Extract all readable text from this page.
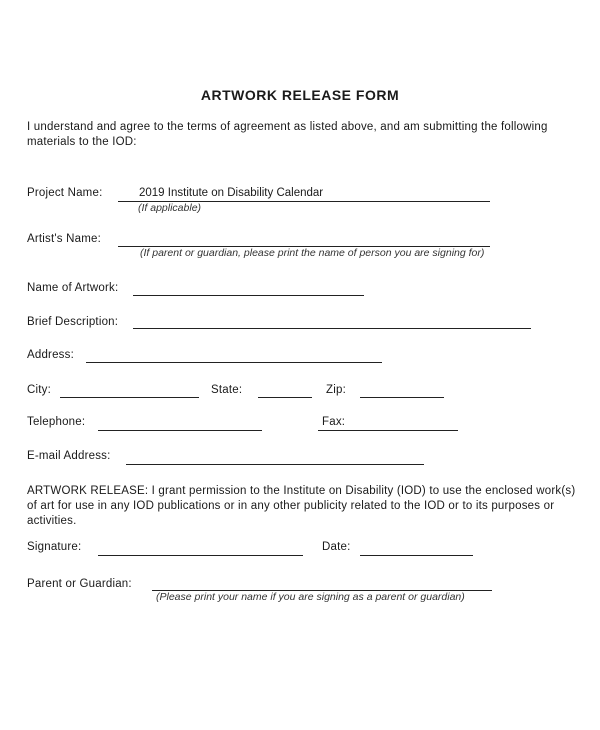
ARTWORK RELEASE FORM

I understand and agree to the terms of agreement as listed above, and am submitting the following materials to the IOD:

Project Name:	2019 Institute on Disability Calendar
(If applicable)
Artist's Name:
(If parent or guardian, please print the name of person you are signing for)
Name of Artwork:
Brief Description:
Address:
City:	State:	Zip:
Telephone:	Fax:
E-mail Address:

ARTWORK RELEASE: I grant permission to the Institute on Disability (IOD) to use the enclosed work(s) of art for use in any IOD publications or in any other publicity related to the IOD or to its purposes or activities.

Signature:	Date:
Parent or Guardian:
(Please print your name if you are signing as a parent or guardian)
